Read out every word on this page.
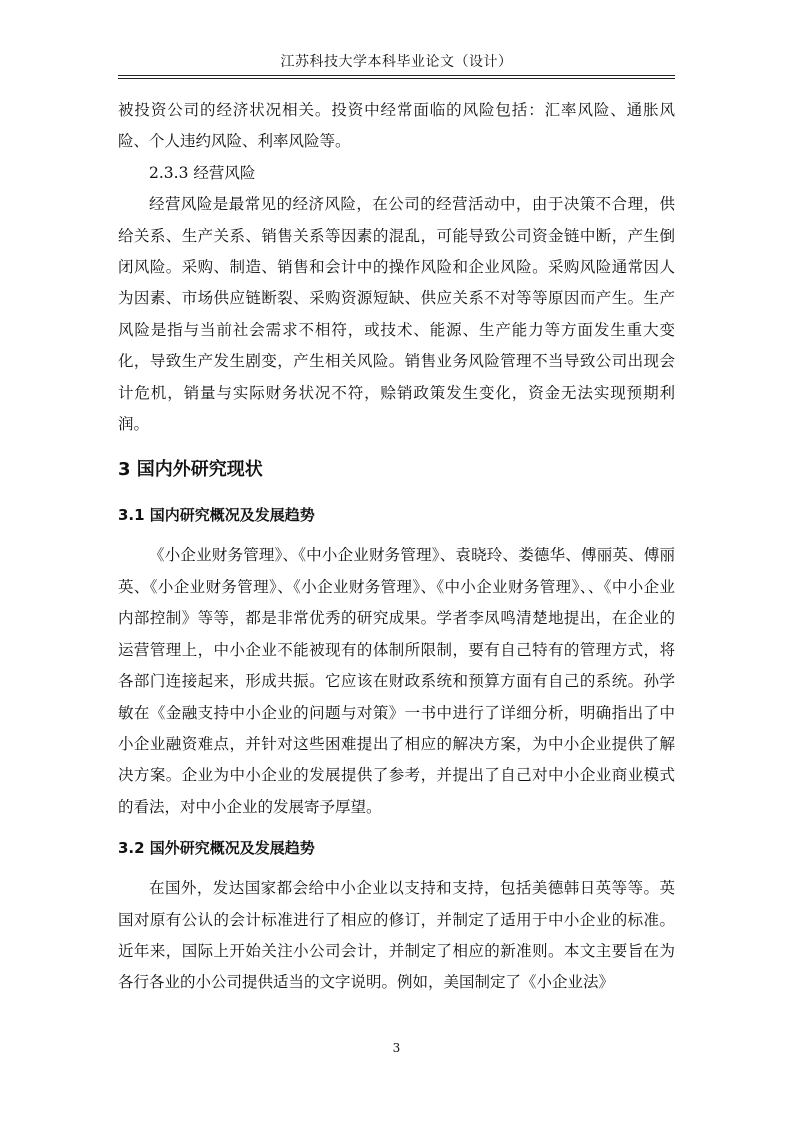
江苏科技大学本科毕业论文（设计）

被投资公司的经济状况相关。投资中经常面临的风险包括：汇率风险、通胀风险、个人违约风险、利率风险等。

2.3.3 经营风险

经营风险是最常见的经济风险，在公司的经营活动中，由于决策不合理，供给关系、生产关系、销售关系等因素的混乱，可能导致公司资金链中断，产生倒闭风险。采购、制造、销售和会计中的操作风险和企业风险。采购风险通常因人为因素、市场供应链断裂、采购资源短缺、供应关系不对等等原因而产生。生产风险是指与当前社会需求不相符，或技术、能源、生产能力等方面发生重大变化，导致生产发生剧变，产生相关风险。销售业务风险管理不当导致公司出现会计危机，销量与实际财务状况不符，赊销政策发生变化，资金无法实现预期利润。

3 国内外研究现状
3.1 国内研究概况及发展趋势

《小企业财务管理》、《中小企业财务管理》、袁晓玲、娄德华、傅丽英、傅丽英、《小企业财务管理》、《小企业财务管理》、《中小企业财务管理》、、《中小企业内部控制》等等，都是非常优秀的研究成果。学者李凤鸣清楚地提出，在企业的运营管理上，中小企业不能被现有的体制所限制，要有自己特有的管理方式，将各部门连接起来，形成共振。它应该在财政系统和预算方面有自己的系统。孙学敏在《金融支持中小企业的问题与对策》一书中进行了详细分析，明确指出了中小企业融资难点，并针对这些困难提出了相应的解决方案，为中小企业提供了解决方案。企业为中小企业的发展提供了参考，并提出了自己对中小企业商业模式的看法，对中小企业的发展寄予厚望。

3.2 国外研究概况及发展趋势

在国外，发达国家都会给中小企业以支持和支持，包括美德韩日英等等。英国对原有公认的会计标准进行了相应的修订，并制定了适用于中小企业的标准。近年来，国际上开始关注小公司会计，并制定了相应的新准则。本文主要旨在为各行各业的小公司提供适当的文字说明。例如，美国制定了《小企业法》

3
